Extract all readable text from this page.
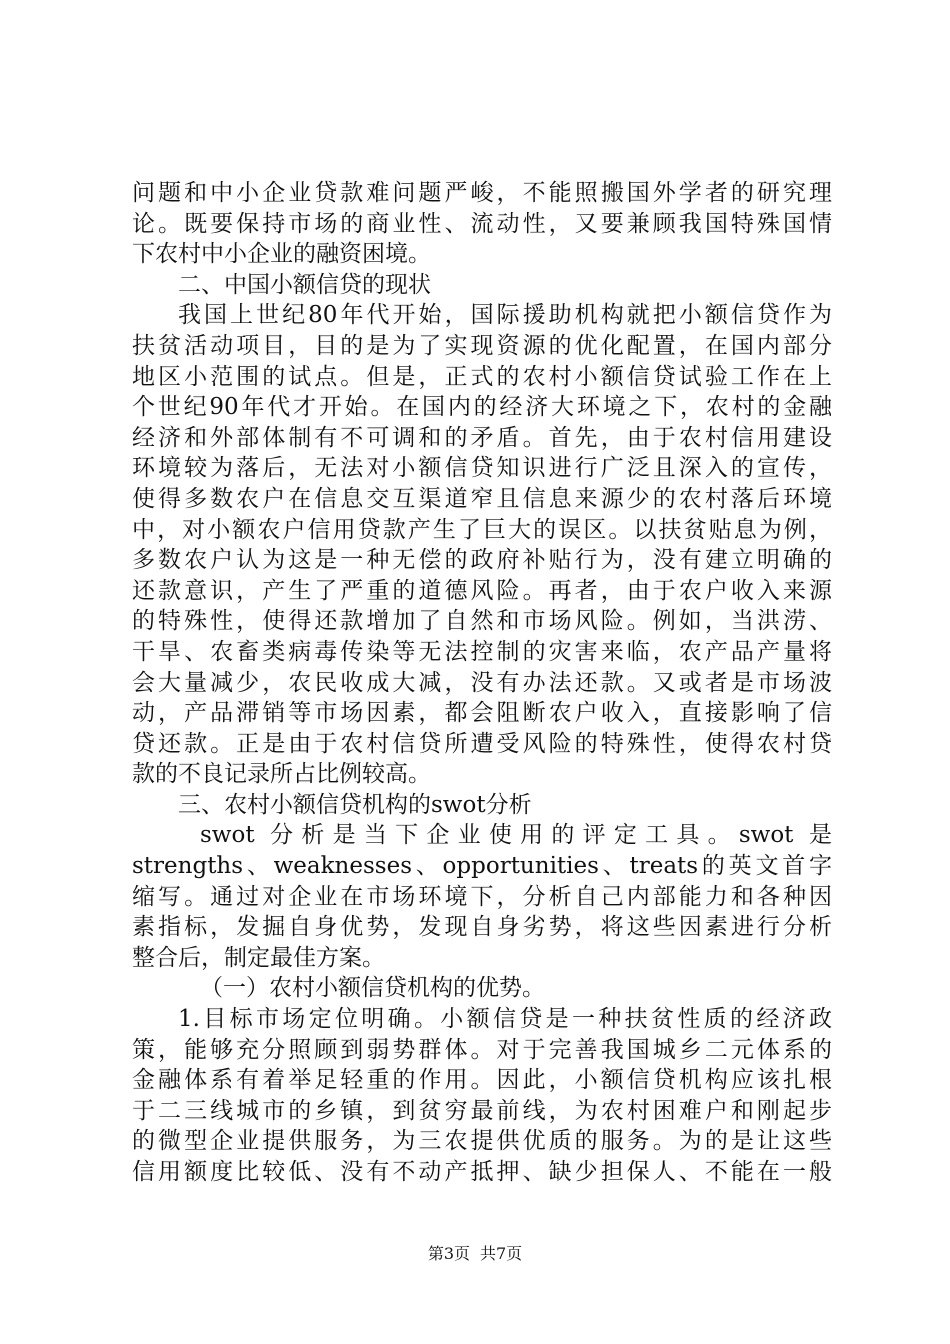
问题和中小企业贷款难问题严峻，不能照搬国外学者的研究理

论。既要保持市场的商业性、流动性，又要兼顾我国特殊国情

下农村中小企业的融资困境。

二、中国小额信贷的现状

我国上世纪80年代开始，国际援助机构就把小额信贷作为

扶贫活动项目，目的是为了实现资源的优化配置，在国内部分

地区小范围的试点。但是，正式的农村小额信贷试验工作在上

个世纪90年代才开始。在国内的经济大环境之下，农村的金融

经济和外部体制有不可调和的矛盾。首先，由于农村信用建设

环境较为落后，无法对小额信贷知识进行广泛且深入的宣传，

使得多数农户在信息交互渠道窄且信息来源少的农村落后环境

中，对小额农户信用贷款产生了巨大的误区。以扶贫贴息为例，

多数农户认为这是一种无偿的政府补贴行为，没有建立明确的

还款意识，产生了严重的道德风险。再者，由于农户收入来源

的特殊性，使得还款增加了自然和市场风险。例如，当洪涝、

干旱、农畜类病毒传染等无法控制的灾害来临，农产品产量将

会大量减少，农民收成大减，没有办法还款。又或者是市场波

动，产品滞销等市场因素，都会阻断农户收入，直接影响了信

贷还款。正是由于农村信贷所遭受风险的特殊性，使得农村贷

款的不良记录所占比例较高。

三、农村小额信贷机构的swot分析

swot 分析是当下企业使用的评定工具。swot 是

strengths、weaknesses、opportunities、treats的英文首字

缩写。通过对企业在市场环境下，分析自己内部能力和各种因

素指标，发掘自身优势，发现自身劣势，将这些因素进行分析

整合后，制定最佳方案。

（一）农村小额信贷机构的优势。

1.目标市场定位明确。小额信贷是一种扶贫性质的经济政

策，能够充分照顾到弱势群体。对于完善我国城乡二元体系的

金融体系有着举足轻重的作用。因此，小额信贷机构应该扎根

于二三线城市的乡镇，到贫穷最前线，为农村困难户和刚起步

的微型企业提供服务，为三农提供优质的服务。为的是让这些

信用额度比较低、没有不动产抵押、缺少担保人、不能在一般

第3页 共7页
